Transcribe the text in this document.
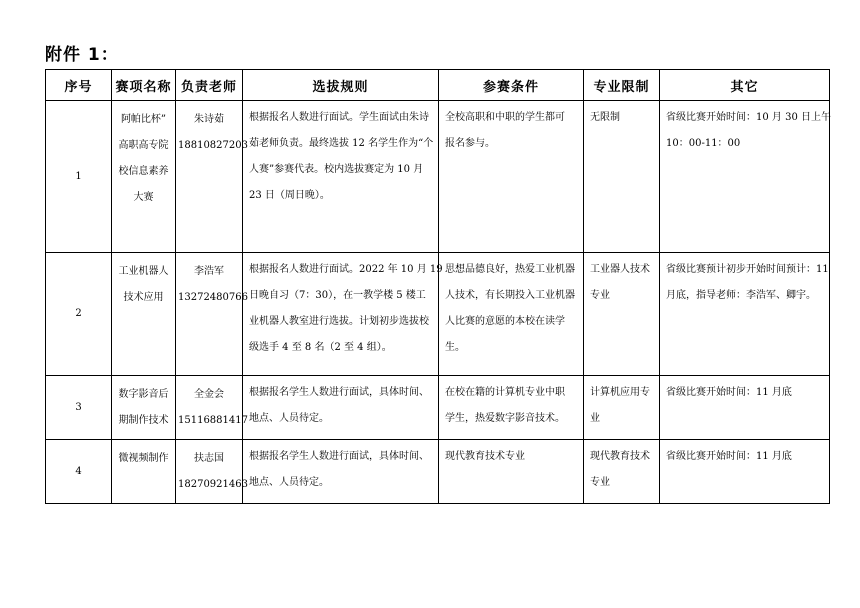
附件 1：
序号	赛项名称	负责老师	选拔规则	参赛条件	专业限制	其它
1	阿帕比杯”
高职高专院
校信息素养
大赛	朱诗茹
18810827203	根据报名人数进行面试。学生面试由朱诗
茹老师负责。最终选拔 12 名学生作为“个
人赛”参赛代表。校内选拔赛定为 10 月
23 日（周日晚）。	全校高职和中职的学生都可
报名参与。	无限制	省级比赛开始时间：10 月 30 日上午
10：00-11：00

2	工业机器人
技术应用	李浩军
13272480766	根据报名人数进行面试。2022 年 10 月 19
日晚自习（7：30），在一教学楼 5 楼工
业机器人教室进行选拔。计划初步选拔校
级选手 4 至 8 名（2 至 4 组）。	思想品德良好，热爱工业机器
人技术，有长期投入工业机器
人比赛的意愿的本校在读学
生。	工业器人技术
专业	省级比赛预计初步开始时间预计：11
月底，指导老师：李浩军、卿宇。

3	数字影音后
期制作技术	全金会
15116881417	根据报名学生人数进行面试，具体时间、
地点、人员待定。	在校在籍的计算机专业中职
学生，热爱数字影音技术。	计算机应用专
业	省级比赛开始时间：11 月底

4	微视频制作	扶志国
18270921463	根据报名学生人数进行面试，具体时间、
地点、人员待定。	现代教育技术专业	现代教育技术
专业	省级比赛开始时间：11 月底
